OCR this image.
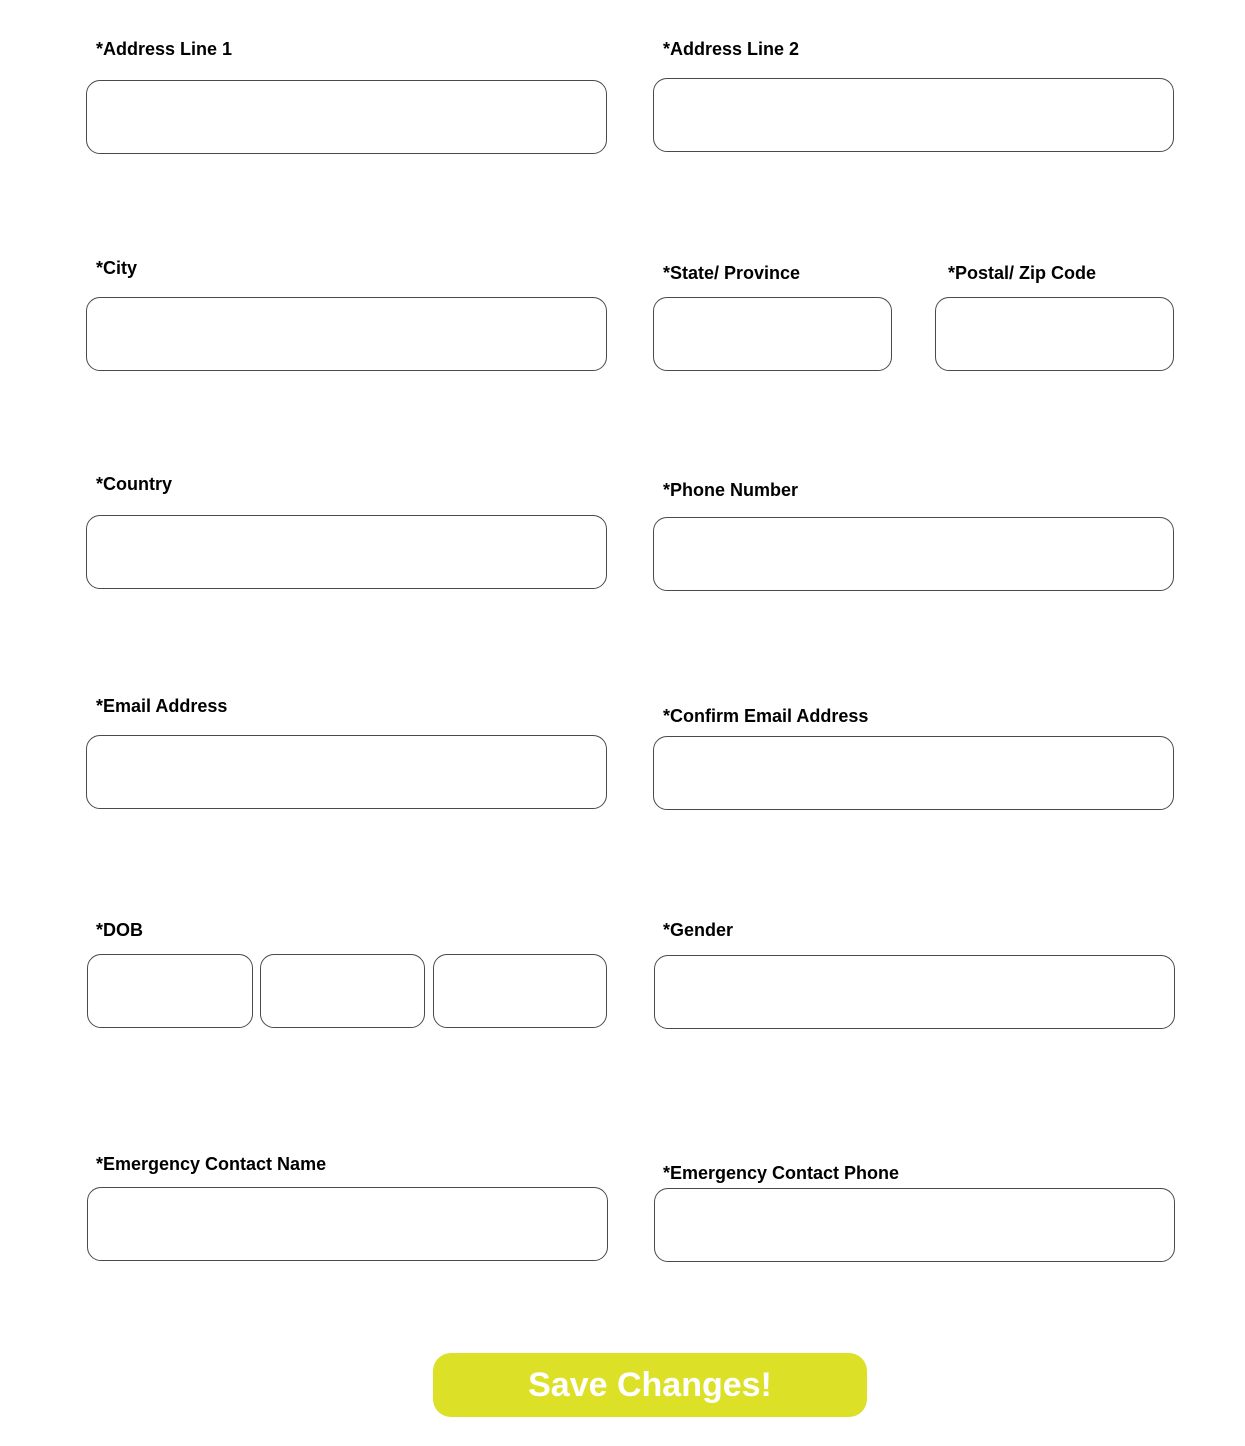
*Address Line 1	*Address Line 2
*City	*State/ Province	*Postal/ Zip Code
*Country	*Phone Number
*Email Address	*Confirm Email Address
*DOB	*Gender
*Emergency Contact Name	*Emergency Contact Phone
Save Changes!
